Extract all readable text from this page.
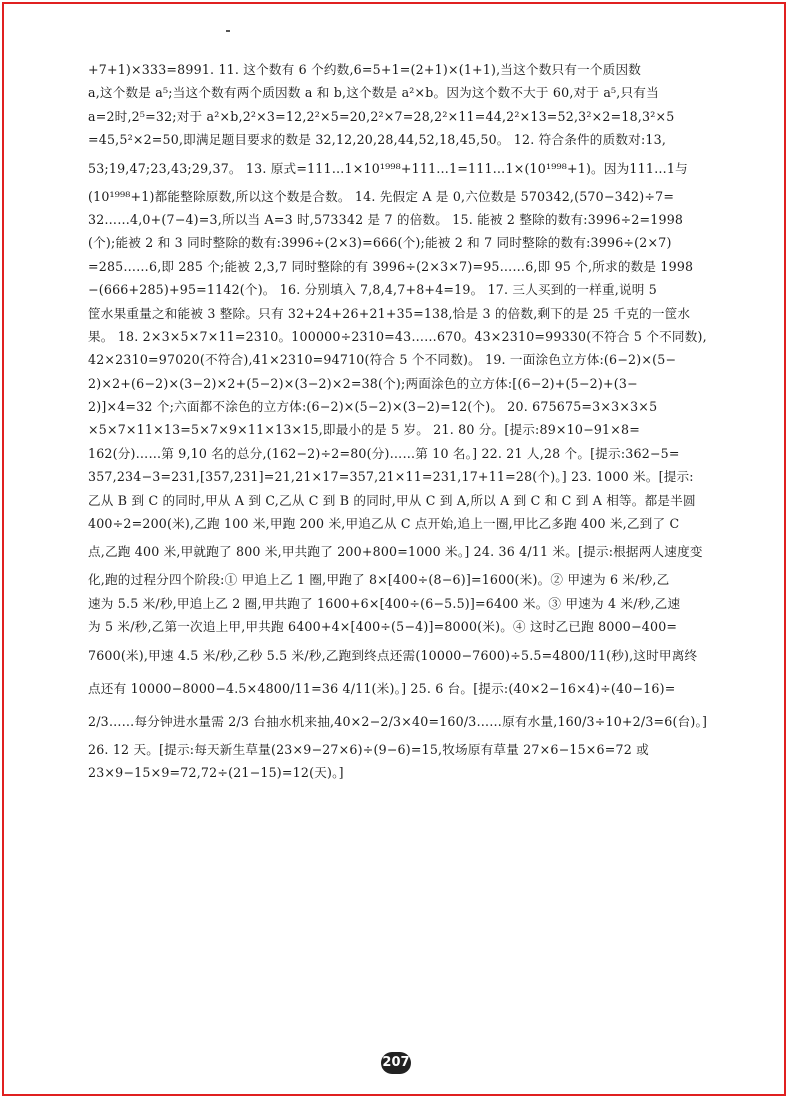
+7+1)×333=8991. 11. 这个数有 6 个约数,6=5+1=(2+1)×(1+1),当这个数只有一个质因数
a,这个数是 a⁵;当这个数有两个质因数 a 和 b,这个数是 a²×b。因为这个数不大于 60,对于 a⁵,只有当
a=2时,2⁵=32;对于 a²×b,2²×3=12,2²×5=20,2²×7=28,2²×11=44,2²×13=52,3²×2=18,3²×5
=45,5²×2=50,即满足题目要求的数是 32,12,20,28,44,52,18,45,50。 12. 符合条件的质数对:13,
53;19,47;23,43;29,37。 13. 原式=111…1×10¹⁹⁹⁸+111…1=111…1×(10¹⁹⁹⁸+1)。因为111…1与
(10¹⁹⁹⁸+1)都能整除原数,所以这个数是合数。 14. 先假定 A 是 0,六位数是 570342,(570−342)÷7=
32……4,0+(7−4)=3,所以当 A=3 时,573342 是 7 的倍数。 15. 能被 2 整除的数有:3996÷2=1998
(个);能被 2 和 3 同时整除的数有:3996÷(2×3)=666(个);能被 2 和 7 同时整除的数有:3996÷(2×7)
=285……6,即 285 个;能被 2,3,7 同时整除的有 3996÷(2×3×7)=95……6,即 95 个,所求的数是 1998
−(666+285)+95=1142(个)。 16. 分别填入 7,8,4,7+8+4=19。 17. 三人买到的一样重,说明 5
筐水果重量之和能被 3 整除。只有 32+24+26+21+35=138,恰是 3 的倍数,剩下的是 25 千克的一筐水
果。 18. 2×3×5×7×11=2310。100000÷2310=43……670。43×2310=99330(不符合 5 个不同数),
42×2310=97020(不符合),41×2310=94710(符合 5 个不同数)。 19. 一面涂色立方体:(6−2)×(5−
2)×2+(6−2)×(3−2)×2+(5−2)×(3−2)×2=38(个);两面涂色的立方体:[(6−2)+(5−2)+(3−
2)]×4=32 个;六面都不涂色的立方体:(6−2)×(5−2)×(3−2)=12(个)。 20. 675675=3×3×3×5
×5×7×11×13=5×7×9×11×13×15,即最小的是 5 岁。 21. 80 分。[提示:89×10−91×8=
162(分)……第 9,10 名的总分,(162−2)÷2=80(分)……第 10 名。] 22. 21 人,28 个。[提示:362−5=
357,234−3=231,[357,231]=21,21×17=357,21×11=231,17+11=28(个)。] 23. 1000 米。[提示:
乙从 B 到 C 的同时,甲从 A 到 C,乙从 C 到 B 的同时,甲从 C 到 A,所以 A 到 C 和 C 到 A 相等。都是半圆
400÷2=200(米),乙跑 100 米,甲跑 200 米,甲追乙从 C 点开始,追上一圈,甲比乙多跑 400 米,乙到了 C
点,乙跑 400 米,甲就跑了 800 米,甲共跑了 200+800=1000 米。] 24. 36 4/11 米。[提示:根据两人速度变
化,跑的过程分四个阶段:① 甲追上乙 1 圈,甲跑了 8×[400÷(8−6)]=1600(米)。② 甲速为 6 米/秒,乙
速为 5.5 米/秒,甲追上乙 2 圈,甲共跑了 1600+6×[400÷(6−5.5)]=6400 米。③ 甲速为 4 米/秒,乙速
为 5 米/秒,乙第一次追上甲,甲共跑 6400+4×[400÷(5−4)]=8000(米)。④ 这时乙已跑 8000−400=
7600(米),甲速 4.5 米/秒,乙秒 5.5 米/秒,乙跑到终点还需(10000−7600)÷5.5=4800/11(秒),这时甲离终
点还有 10000−8000−4.5×4800/11=36 4/11(米)。] 25. 6 台。[提示:(40×2−16×4)÷(40−16)=
2/3……每分钟进水量需 2/3 台抽水机来抽,40×2−2/3×40=160/3……原有水量,160/3÷10+2/3=6(台)。]
26. 12 天。[提示:每天新生草量(23×9−27×6)÷(9−6)=15,牧场原有草量 27×6−15×6=72 或
23×9−15×9=72,72÷(21−15)=12(天)。]
207
